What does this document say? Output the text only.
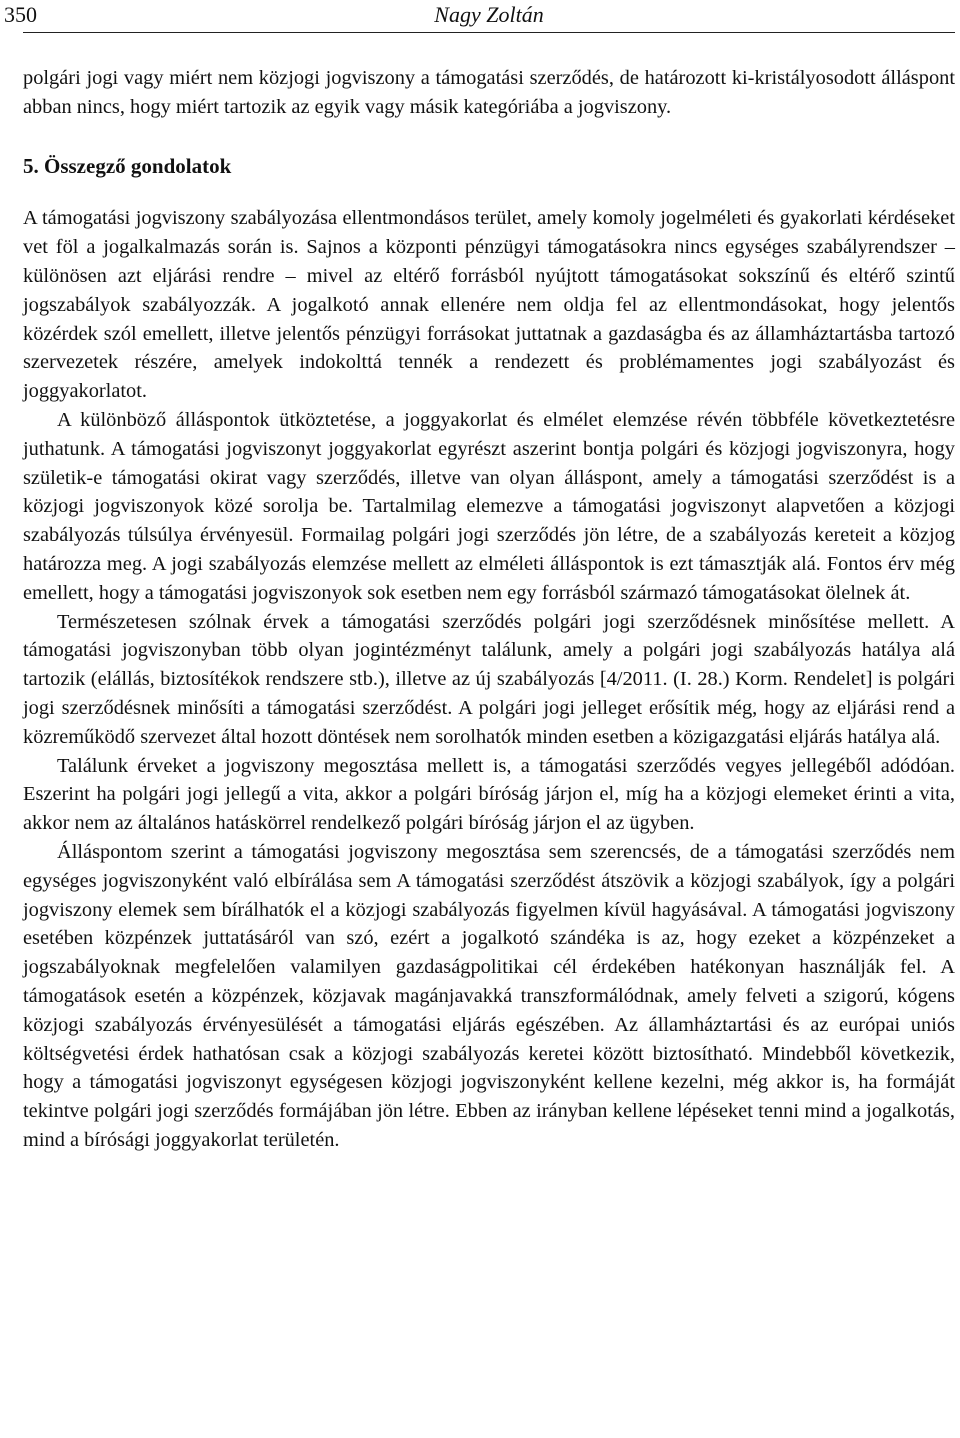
350	Nagy Zoltán

polgári jogi vagy miért nem közjogi jogviszony a támogatási szerződés, de határozott ki-kristályosodott álláspont abban nincs, hogy miért tartozik az egyik vagy másik kategóriába a jogviszony.

5. Összegző gondolatok

A támogatási jogviszony szabályozása ellentmondásos terület, amely komoly jogelméleti és gyakorlati kérdéseket vet föl a jogalkalmazás során is. Sajnos a központi pénzügyi támogatásokra nincs egységes szabályrendszer – különösen azt eljárási rendre – mivel az eltérő forrásból nyújtott támogatásokat sokszínű és eltérő szintű jogszabályok szabályozzák. A jogalkotó annak ellenére nem oldja fel az ellentmondásokat, hogy jelentős közérdek szól emellett, illetve jelentős pénzügyi forrásokat juttatnak a gazdaságba és az államháztartásba tartozó szervezetek részére, amelyek indokolttá tennék a rendezett és problémamentes jogi szabályozást és joggyakorlatot.

A különböző álláspontok ütköztetése, a joggyakorlat és elmélet elemzése révén többféle következtetésre juthatunk. A támogatási jogviszonyt joggyakorlat egyrészt aszerint bontja polgári és közjogi jogviszonyra, hogy születik-e támogatási okirat vagy szerződés, illetve van olyan álláspont, amely a támogatási szerződést is a közjogi jogviszonyok közé sorolja be. Tartalmilag elemezve a támogatási jogviszonyt alapvetően a közjogi szabályozás túlsúlya érvényesül. Formailag polgári jogi szerződés jön létre, de a szabályozás kereteit a közjog határozza meg. A jogi szabályozás elemzése mellett az elméleti álláspontok is ezt támasztják alá. Fontos érv még emellett, hogy a támogatási jogviszonyok sok esetben nem egy forrásból származó támogatásokat ölelnek át.

Természetesen szólnak érvek a támogatási szerződés polgári jogi szerződésnek minősítése mellett. A támogatási jogviszonyban több olyan jogintézményt találunk, amely a polgári jogi szabályozás hatálya alá tartozik (elállás, biztosítékok rendszere stb.), illetve az új szabályozás [4/2011. (I. 28.) Korm. Rendelet] is polgári jogi szerződésnek minősíti a támogatási szerződést. A polgári jogi jelleget erősítik még, hogy az eljárási rend a közreműködő szervezet által hozott döntések nem sorolhatók minden esetben a közigazgatási eljárás hatálya alá.

Találunk érveket a jogviszony megosztása mellett is, a támogatási szerződés vegyes jellegéből adódóan. Eszerint ha polgári jogi jellegű a vita, akkor a polgári bíróság járjon el, míg ha a közjogi elemeket érinti a vita, akkor nem az általános hatáskörrel rendelkező polgári bíróság járjon el az ügyben.

Álláspontom szerint a támogatási jogviszony megosztása sem szerencsés, de a támogatási szerződés nem egységes jogviszonyként való elbírálása sem A támogatási szerződést átszövik a közjogi szabályok, így a polgári jogviszony elemek sem bírálhatók el a közjogi szabályozás figyelmen kívül hagyásával. A támogatási jogviszony esetében közpénzek juttatásáról van szó, ezért a jogalkotó szándéka is az, hogy ezeket a közpénzeket a jogszabályoknak megfelelően valamilyen gazdaságpolitikai cél érdekében hatékonyan használják fel. A támogatások esetén a közpénzek, közjavak magánjavakká transzformálódnak, amely felveti a szigorú, kógens közjogi szabályozás érvényesülését a támogatási eljárás egészében. Az államháztartási és az európai uniós költségvetési érdek hathatósan csak a közjogi szabályozás keretei között biztosítható. Mindebből következik, hogy a támogatási jogviszonyt egységesen közjogi jogviszonyként kellene kezelni, még akkor is, ha formáját tekintve polgári jogi szerződés formájában jön létre. Ebben az irányban kellene lépéseket tenni mind a jogalkotás, mind a bírósági joggyakorlat területén.
